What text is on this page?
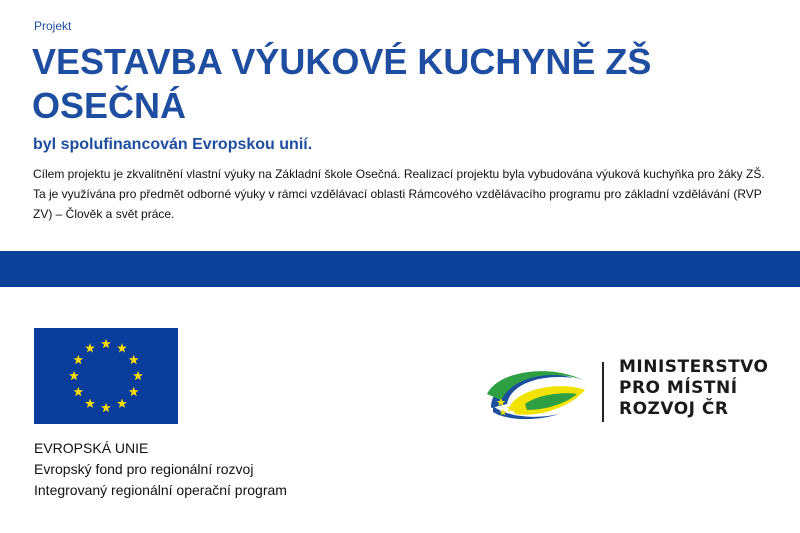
Projekt
VESTAVBA VÝUKOVÉ KUCHYNĚ ZŠ OSEČNÁ
byl spolufinancován Evropskou unií.

Cílem projektu je zkvalitnění vlastní výuky na Základní škole Osečná. Realizací projektu byla vybudována výuková kuchyňka pro žáky ZŠ. Ta je využívána pro předmět odborné výuky v rámci vzdělávací oblasti Rámcového vzdělávacího programu pro základní vzdělávání (RVP ZV) – Člověk a svět práce.

EVROPSKÁ UNIE
Evropský fond pro regionální rozvoj
Integrovaný regionální operační program
MINISTERSTVO
PRO MÍSTNÍ
ROZVOJ ČR
